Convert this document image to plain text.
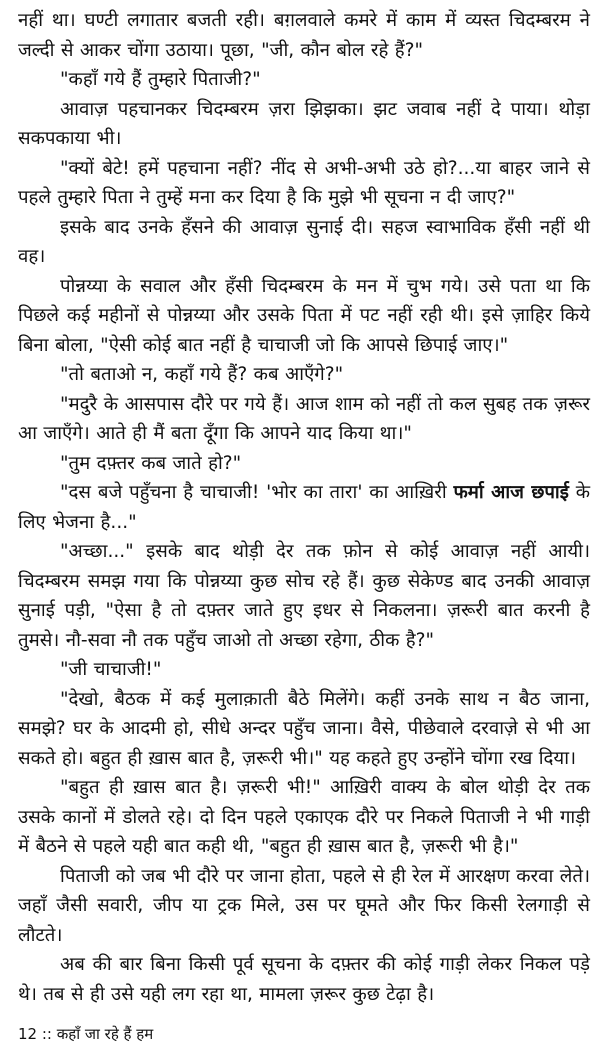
नहीं था। घण्टी लगातार बजती रही। बग़लवाले कमरे में काम में व्यस्त चिदम्बरम ने जल्दी से आकर चोंगा उठाया। पूछा, "जी, कौन बोल रहे हैं?"

"कहाँ गये हैं तुम्हारे पिताजी?"

आवाज़ पहचानकर चिदम्बरम ज़रा झिझका। झट जवाब नहीं दे पाया। थोड़ा सकपकाया भी।

"क्यों बेटे! हमें पहचाना नहीं? नींद से अभी-अभी उठे हो?...या बाहर जाने से पहले तुम्हारे पिता ने तुम्हें मना कर दिया है कि मुझे भी सूचना न दी जाए?"

इसके बाद उनके हँसने की आवाज़ सुनाई दी। सहज स्वाभाविक हँसी नहीं थी वह।

पोन्नय्या के सवाल और हँसी चिदम्बरम के मन में चुभ गये। उसे पता था कि पिछले कई महीनों से पोन्नय्या और उसके पिता में पट नहीं रही थी। इसे ज़ाहिर किये बिना बोला, "ऐसी कोई बात नहीं है चाचाजी जो कि आपसे छिपाई जाए।"

"तो बताओ न, कहाँ गये हैं? कब आएँगे?"

"मदुरै के आसपास दौरे पर गये हैं। आज शाम को नहीं तो कल सुबह तक ज़रूर आ जाएँगे। आते ही मैं बता दूँगा कि आपने याद किया था।"

"तुम दफ़्तर कब जाते हो?"

"दस बजे पहुँचना है चाचाजी! 'भोर का तारा' का आख़िरी फर्मा आज छपाई के लिए भेजना है..."

"अच्छा..." इसके बाद थोड़ी देर तक फ़ोन से कोई आवाज़ नहीं आयी। चिदम्बरम समझ गया कि पोन्नय्या कुछ सोच रहे हैं। कुछ सेकेण्ड बाद उनकी आवाज़ सुनाई पड़ी, "ऐसा है तो दफ़्तर जाते हुए इधर से निकलना। ज़रूरी बात करनी है तुमसे। नौ-सवा नौ तक पहुँच जाओ तो अच्छा रहेगा, ठीक है?"

"जी चाचाजी!"

"देखो, बैठक में कई मुलाक़ाती बैठे मिलेंगे। कहीं उनके साथ न बैठ जाना, समझे? घर के आदमी हो, सीधे अन्दर पहुँच जाना। वैसे, पीछेवाले दरवाज़े से भी आ सकते हो। बहुत ही ख़ास बात है, ज़रूरी भी।" यह कहते हुए उन्होंने चोंगा रख दिया।

"बहुत ही ख़ास बात है। ज़रूरी भी!" आख़िरी वाक्य के बोल थोड़ी देर तक उसके कानों में डोलते रहे। दो दिन पहले एकाएक दौरे पर निकले पिताजी ने भी गाड़ी में बैठने से पहले यही बात कही थी, "बहुत ही ख़ास बात है, ज़रूरी भी है।"

पिताजी को जब भी दौरे पर जाना होता, पहले से ही रेल में आरक्षण करवा लेते। जहाँ जैसी सवारी, जीप या ट्रक मिले, उस पर घूमते और फिर किसी रेलगाड़ी से लौटते।

अब की बार बिना किसी पूर्व सूचना के दफ़्तर की कोई गाड़ी लेकर निकल पड़े थे। तब से ही उसे यही लग रहा था, मामला ज़रूर कुछ टेढ़ा है।

12 :: कहाँ जा रहे हैं हम
